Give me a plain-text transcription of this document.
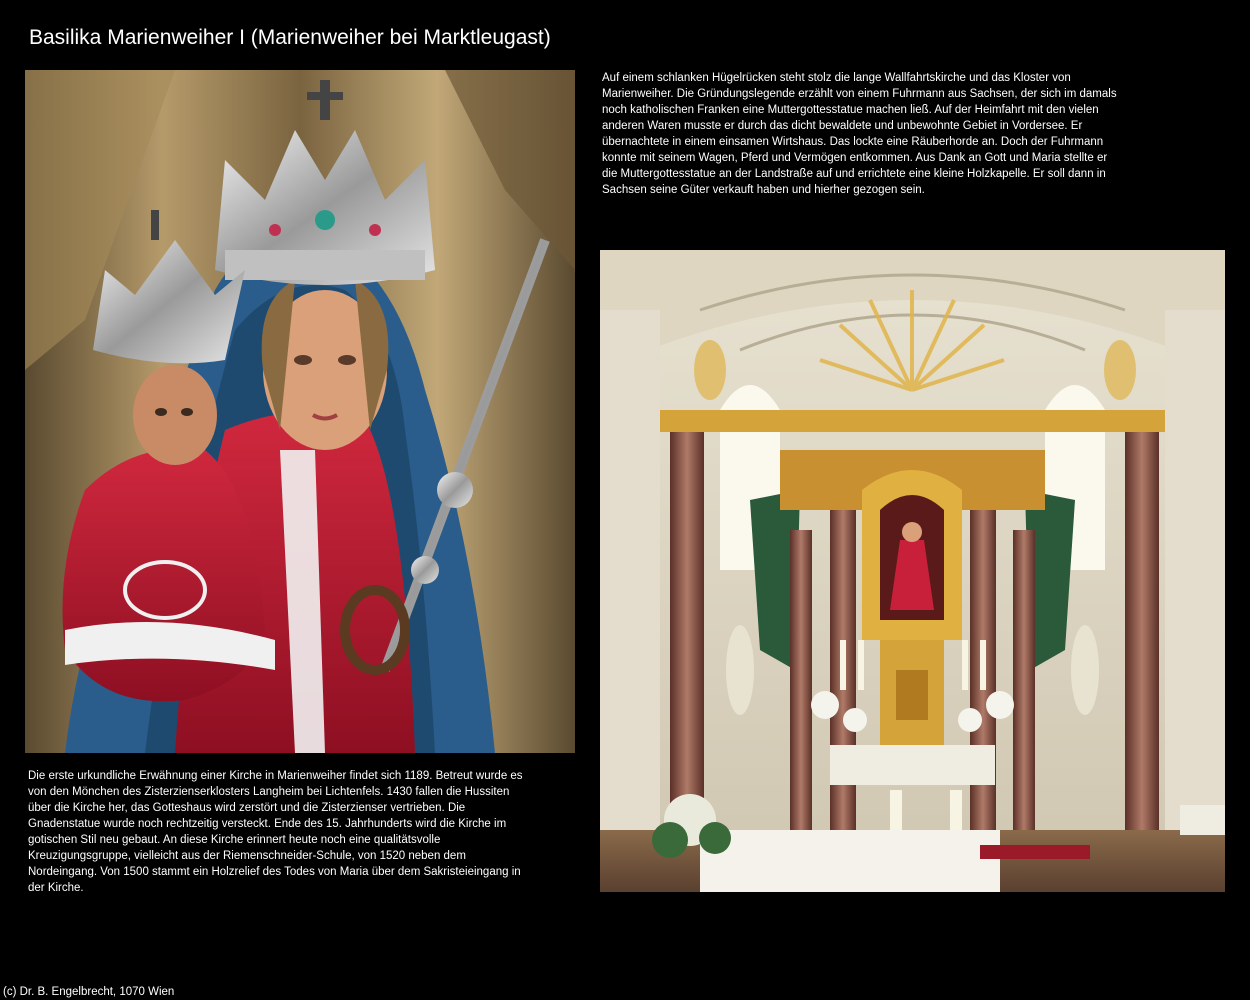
Basilika Marienweiher I (Marienweiher bei Marktleugast)
Auf einem schlanken Hügelrücken steht stolz die lange Wallfahrtskirche und das Kloster von Marienweiher. Die Gründungslegende erzählt von einem Fuhrmann aus Sachsen, der sich im damals noch katholischen Franken eine Muttergottesstatue machen ließ. Auf der Heimfahrt mit den vielen anderen Waren musste er durch das dicht bewaldete und unbewohnte Gebiet in Vordersee. Er übernachtete in einem einsamen Wirtshaus. Das lockte eine Räuberhorde an. Doch der Fuhrmann konnte mit seinem Wagen, Pferd und Vermögen entkommen. Aus Dank an Gott und Maria stellte er die Muttergottesstatue an der Landstraße auf und errichtete eine kleine Holzkapelle. Er soll dann in Sachsen seine Güter verkauft haben und hierher gezogen sein.
Die erste urkundliche Erwähnung einer Kirche in Marienweiher findet sich 1189. Betreut wurde es von den Mönchen des Zisterzienserklosters Langheim bei Lichtenfels. 1430 fallen die Hussiten über die Kirche her, das Gotteshaus wird zerstört und die Zisterzienser vertrieben. Die Gnadenstatue wurde noch rechtzeitig versteckt. Ende des 15. Jahrhunderts wird die Kirche im gotischen Stil neu gebaut. An diese Kirche erinnert heute noch eine qualitätsvolle Kreuzigungsgruppe, vielleicht aus der Riemenschneider-Schule, von 1520 neben dem Nordeingang. Von 1500 stammt ein Holzrelief des Todes von Maria über dem Sakristeieingang in der Kirche.
(c) Dr. B. Engelbrecht, 1070 Wien
